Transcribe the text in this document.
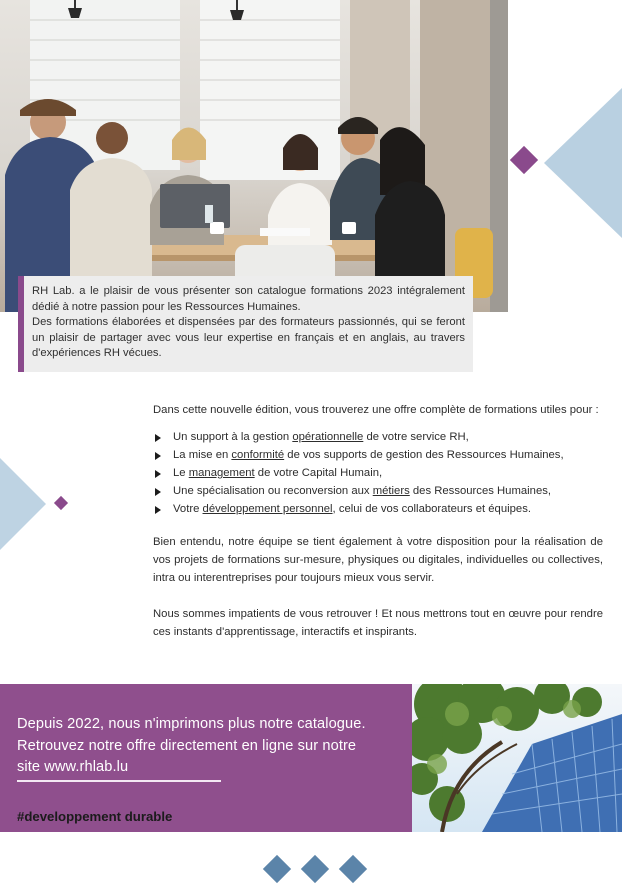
RH Lab. a le plaisir de vous présenter son catalogue formations 2023 intégralement dédié à notre passion pour les Ressources Humaines.

Des formations élaborées et dispensées par des formateurs passionnés, qui se feront un plaisir de partager avec vous leur expertise en français et en anglais, au travers d'expériences RH vécues.

Dans cette nouvelle édition, vous trouverez une offre complète de formations utiles pour :

Un support à la gestion opérationnelle de votre service RH,
La mise en conformité de vos supports de gestion des Ressources Humaines,
Le management de votre Capital Humain,
Une spécialisation ou reconversion aux métiers des Ressources Humaines,
Votre développement personnel, celui de vos collaborateurs et équipes.

Bien entendu, notre équipe se tient également à votre disposition pour la réalisation de vos projets de formations sur-mesure, physiques ou digitales, individuelles ou collectives, intra ou interentreprises pour toujours mieux vous servir.

Nous sommes impatients de vous retrouver ! Et nous mettrons tout en œuvre pour rendre ces instants d'apprentissage, interactifs et inspirants.

Depuis 2022, nous n'imprimons plus notre catalogue.
Retrouvez notre offre directement en ligne sur notre
site www.rhlab.lu
#developpement durable
